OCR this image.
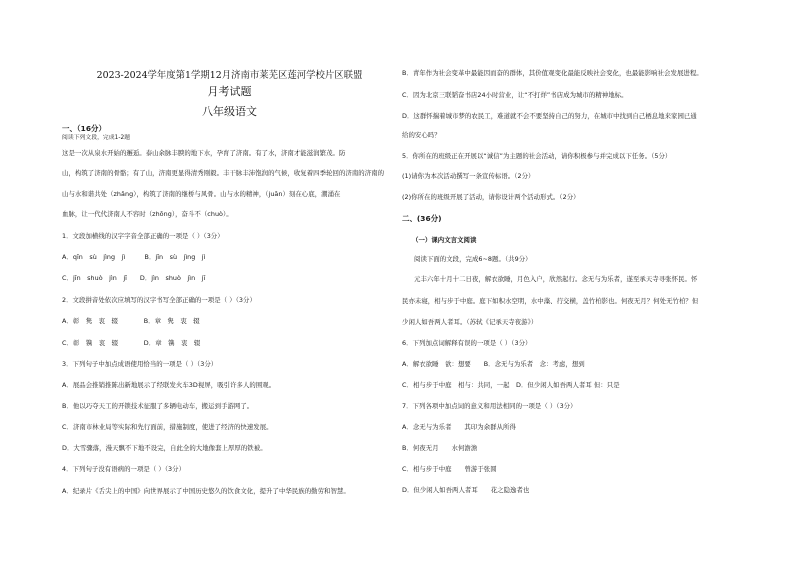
2023-2024学年度第1学期12月济南市莱芜区莲河学校片区联盟
月考试题
八年级语文
一、（16分）
阅读下列文段，完成1-2题
这是一次从泉水开始的邂逅。泰山余脉丰腴的地下水，孕育了济南。有了水，济南才能滋润繁茂。防
山，构筑了济南的骨骼；有了山，济南更显得清秀刚毅。丰干脉丰沛饱润的气候，收复着四季轮回的济南的济南的
山与水和谐共处（zhǎng），构筑了济南的继桥与风骨。山与水的精神，（juān）刻在心底，潮涌在
血脉，让一代代济南人不容时（zhōng），奋斗不（chuò）。
1．文段加横线的汉字字音全部正确的一项是（ ）（3分）
A．qīn　sù　jìng　jì　　　B．jīn　sù　jìng　jì
C．jīn　shuò　jìn　jī　　D．jìn　shuò　jìn　jī
2．文段拼音处依次应填写的汉字书写全部正确的一项是（ ）（3分）
A．彰　隽　衷　辍　　　　B．章　隽　衷　辍
C．彰　镌　衷　辍　　　　D．章　镌　衷　辍
3．下列句子中加点成语使用恰当的一项是（ ）（3分）
A．展品会推销推陈出新地展示了经联发火车3D视屏，吸引许多人的围观。
B．他以巧夺天工的开锁技术征服了多辆电动车，搬运到手游网了。
C．济南市林业局等实际和先行面前，措施制度，使进了经济的快速发展。
D．大雪骤落，漫天飘不下地不设完，自此全的大地像套上厚厚的铁被。
4．下列句子没有语病的一项是（ ）（3分）
A．纪录片《舌尖上的中国》向世界展示了中国历史悠久的饮食文化，提升了中华民族的勤劳和智慧。
B．青年作为社会变革中最能因而奋的群体，其价值观变化最能反映社会变化，也最能影响社会发展进程。
C．因为北京三联韬奋书店24小时营业，让“不打烊”书店成为城市的精神地标。
D．这群怀揣着城市梦的农民工，难道就不会不要坚持自己的努力，在城市中找到自己栖息地来家园已通
给的安心吗？
5．你所在的班级正在开展以“诚信”为主题的社会活动，请你积极参与并完成以下任务。（5分）
(1)请你为本次活动撰写一条宣传标语。（2分）
(2)你所在的班级开展了活动，请你设计两个活动形式。（2分）
二、(36分)
（一）课内文言文阅读
阅读下面的文段，完成6~8题。（共9分）
元丰六年十月十二日夜，解衣欲睡，月色入户，欣然起行。念无与为乐者，遂至承天寺寻张怀民。怀
民亦未寝，相与步于中庭。庭下如积水空明，水中藻、荇交横，盖竹柏影也。何夜无月？何处无竹柏？但
少闲人如吾两人者耳。（苏轼《记承天寺夜游》）
6．下列加点词解释有误的一项是（ ）（3分）
A．解衣欲睡　欲：想要　　B．念无与为乐者　念：考虑，想到
C．相与步于中庭　相与：共同，一起　D．但少闲人如吾两人者耳 但：只是
7．下列各项中加点词的意义和用法相同的一项是（ ）（3分）
A．念无与为乐者　　其印为余群从所得
B．何夜无月　　水何澹澹
C．相与步于中庭　　曾游于张圆
D．但少闲人如吾两人者耳　　花之隐逸者也
